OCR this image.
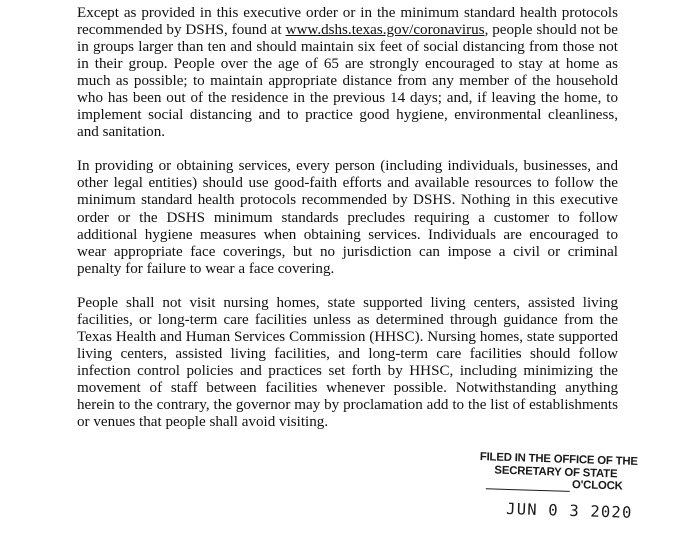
Except as provided in this executive order or in the minimum standard health protocols recommended by DSHS, found at www.dshs.texas.gov/coronavirus, people should not be in groups larger than ten and should maintain six feet of social distancing from those not in their group. People over the age of 65 are strongly encouraged to stay at home as much as possible; to maintain appropriate distance from any member of the household who has been out of the residence in the previous 14 days; and, if leaving the home, to implement social distancing and to practice good hygiene, environmental cleanliness, and sanitation.

In providing or obtaining services, every person (including individuals, businesses, and other legal entities) should use good-faith efforts and available resources to follow the minimum standard health protocols recommended by DSHS. Nothing in this executive order or the DSHS minimum standards precludes requiring a customer to follow additional hygiene measures when obtaining services. Individuals are encouraged to wear appropriate face coverings, but no jurisdiction can impose a civil or criminal penalty for failure to wear a face covering.

People shall not visit nursing homes, state supported living centers, assisted living facilities, or long-term care facilities unless as determined through guidance from the Texas Health and Human Services Commission (HHSC). Nursing homes, state supported living centers, assisted living facilities, and long-term care facilities should follow infection control policies and practices set forth by HHSC, including minimizing the movement of staff between facilities whenever possible. Notwithstanding anything herein to the contrary, the governor may by proclamation add to the list of establishments or venues that people shall avoid visiting.

FILED IN THE OFFICE OF THE
SECRETARY OF STATE
O'CLOCK
JUN 0 3 2020
